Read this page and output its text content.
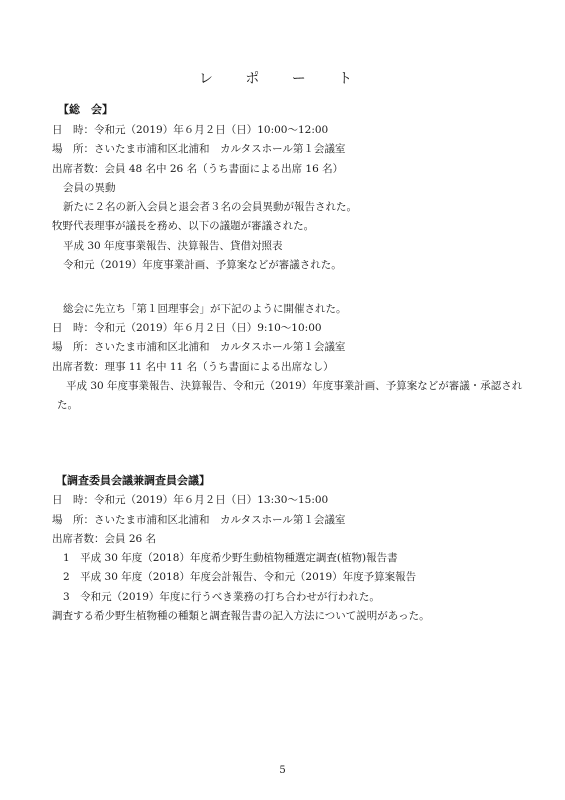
レ ポ ー ト
【総　会】
日　時：令和元（2019）年６月２日（日）10:00〜12:00
場　所：さいたま市浦和区北浦和　カルタスホール第１会議室
出席者数：会員 48 名中 26 名（うち書面による出席 16 名）
会員の異動
新たに２名の新入会員と退会者３名の会員異動が報告された。
牧野代表理事が議長を務め、以下の議題が審議された。
平成 30 年度事業報告、決算報告、貸借対照表
令和元（2019）年度事業計画、予算案などが審議された。
総会に先立ち「第１回理事会」が下記のように開催された。
日　時：令和元（2019）年６月２日（日）9:10〜10:00
場　所：さいたま市浦和区北浦和　カルタスホール第１会議室
出席者数：理事 11 名中 11 名（うち書面による出席なし）
平成 30 年度事業報告、決算報告、令和元（2019）年度事業計画、予算案などが審議・承認され
た。
【調査委員会議兼調査員会議】
日　時：令和元（2019）年６月２日（日）13:30〜15:00
場　所：さいたま市浦和区北浦和　カルタスホール第１会議室
出席者数：会員 26 名
1　平成 30 年度（2018）年度希少野生動植物種選定調査(植物)報告書
2　平成 30 年度（2018）年度会計報告、令和元（2019）年度予算案報告
3　令和元（2019）年度に行うべき業務の打ち合わせが行われた。
調査する希少野生植物種の種類と調査報告書の記入方法について説明があった。
5
